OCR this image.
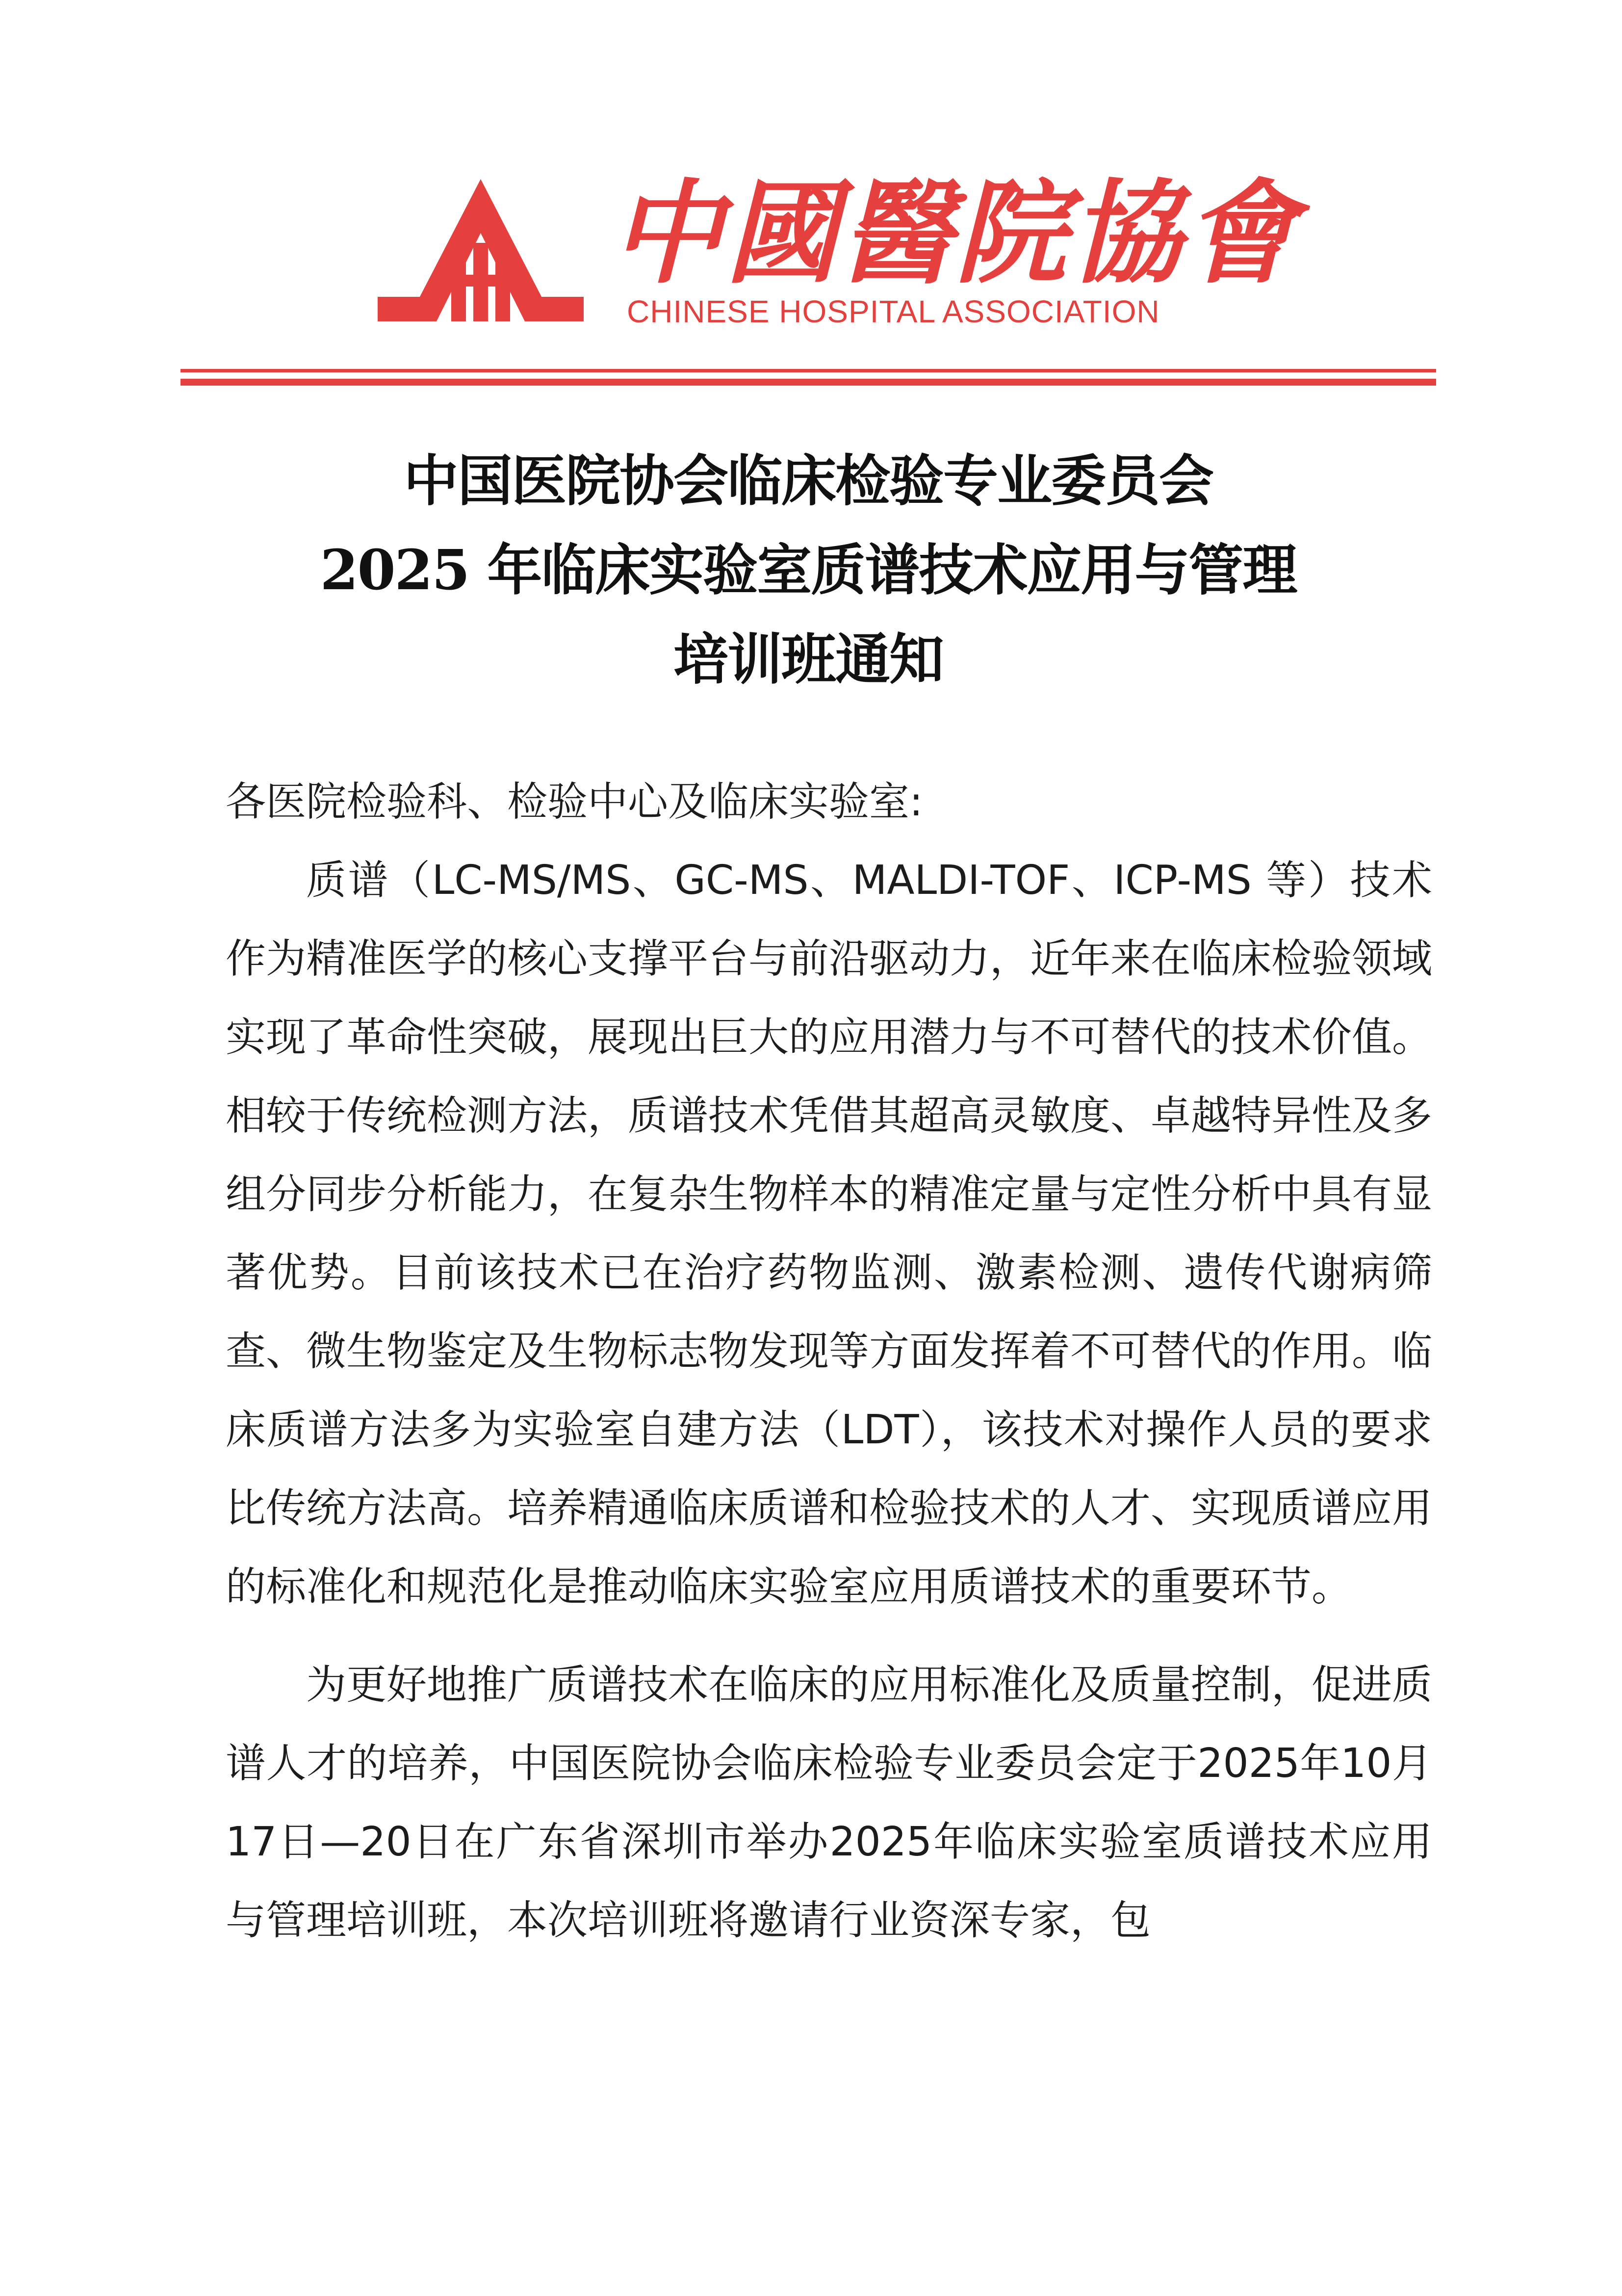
中國醫院協會
CHINESE HOSPITAL ASSOCIATION
中国医院协会临床检验专业委员会
2025 年临床实验室质谱技术应用与管理
培训班通知

各医院检验科、检验中心及临床实验室:

质谱（LC-MS/MS、GC-MS、MALDI-TOF、ICP-MS 等）技术作为精准医学的核心支撑平台与前沿驱动力，近年来在临床检验领域实现了革命性突破，展现出巨大的应用潜力与不可替代的技术价值。相较于传统检测方法，质谱技术凭借其超高灵敏度、卓越特异性及多组分同步分析能力，在复杂生物样本的精准定量与定性分析中具有显著优势。目前该技术已在治疗药物监测、激素检测、遗传代谢病筛查、微生物鉴定及生物标志物发现等方面发挥着不可替代的作用。临床质谱方法多为实验室自建方法（LDT），该技术对操作人员的要求比传统方法高。培养精通临床质谱和检验技术的人才、实现质谱应用的标准化和规范化是推动临床实验室应用质谱技术的重要环节。

为更好地推广质谱技术在临床的应用标准化及质量控制，促进质谱人才的培养，中国医院协会临床检验专业委员会定于2025年10月17日—20日在广东省深圳市举办2025年临床实验室质谱技术应用与管理培训班，本次培训班将邀请行业资深专家，包
